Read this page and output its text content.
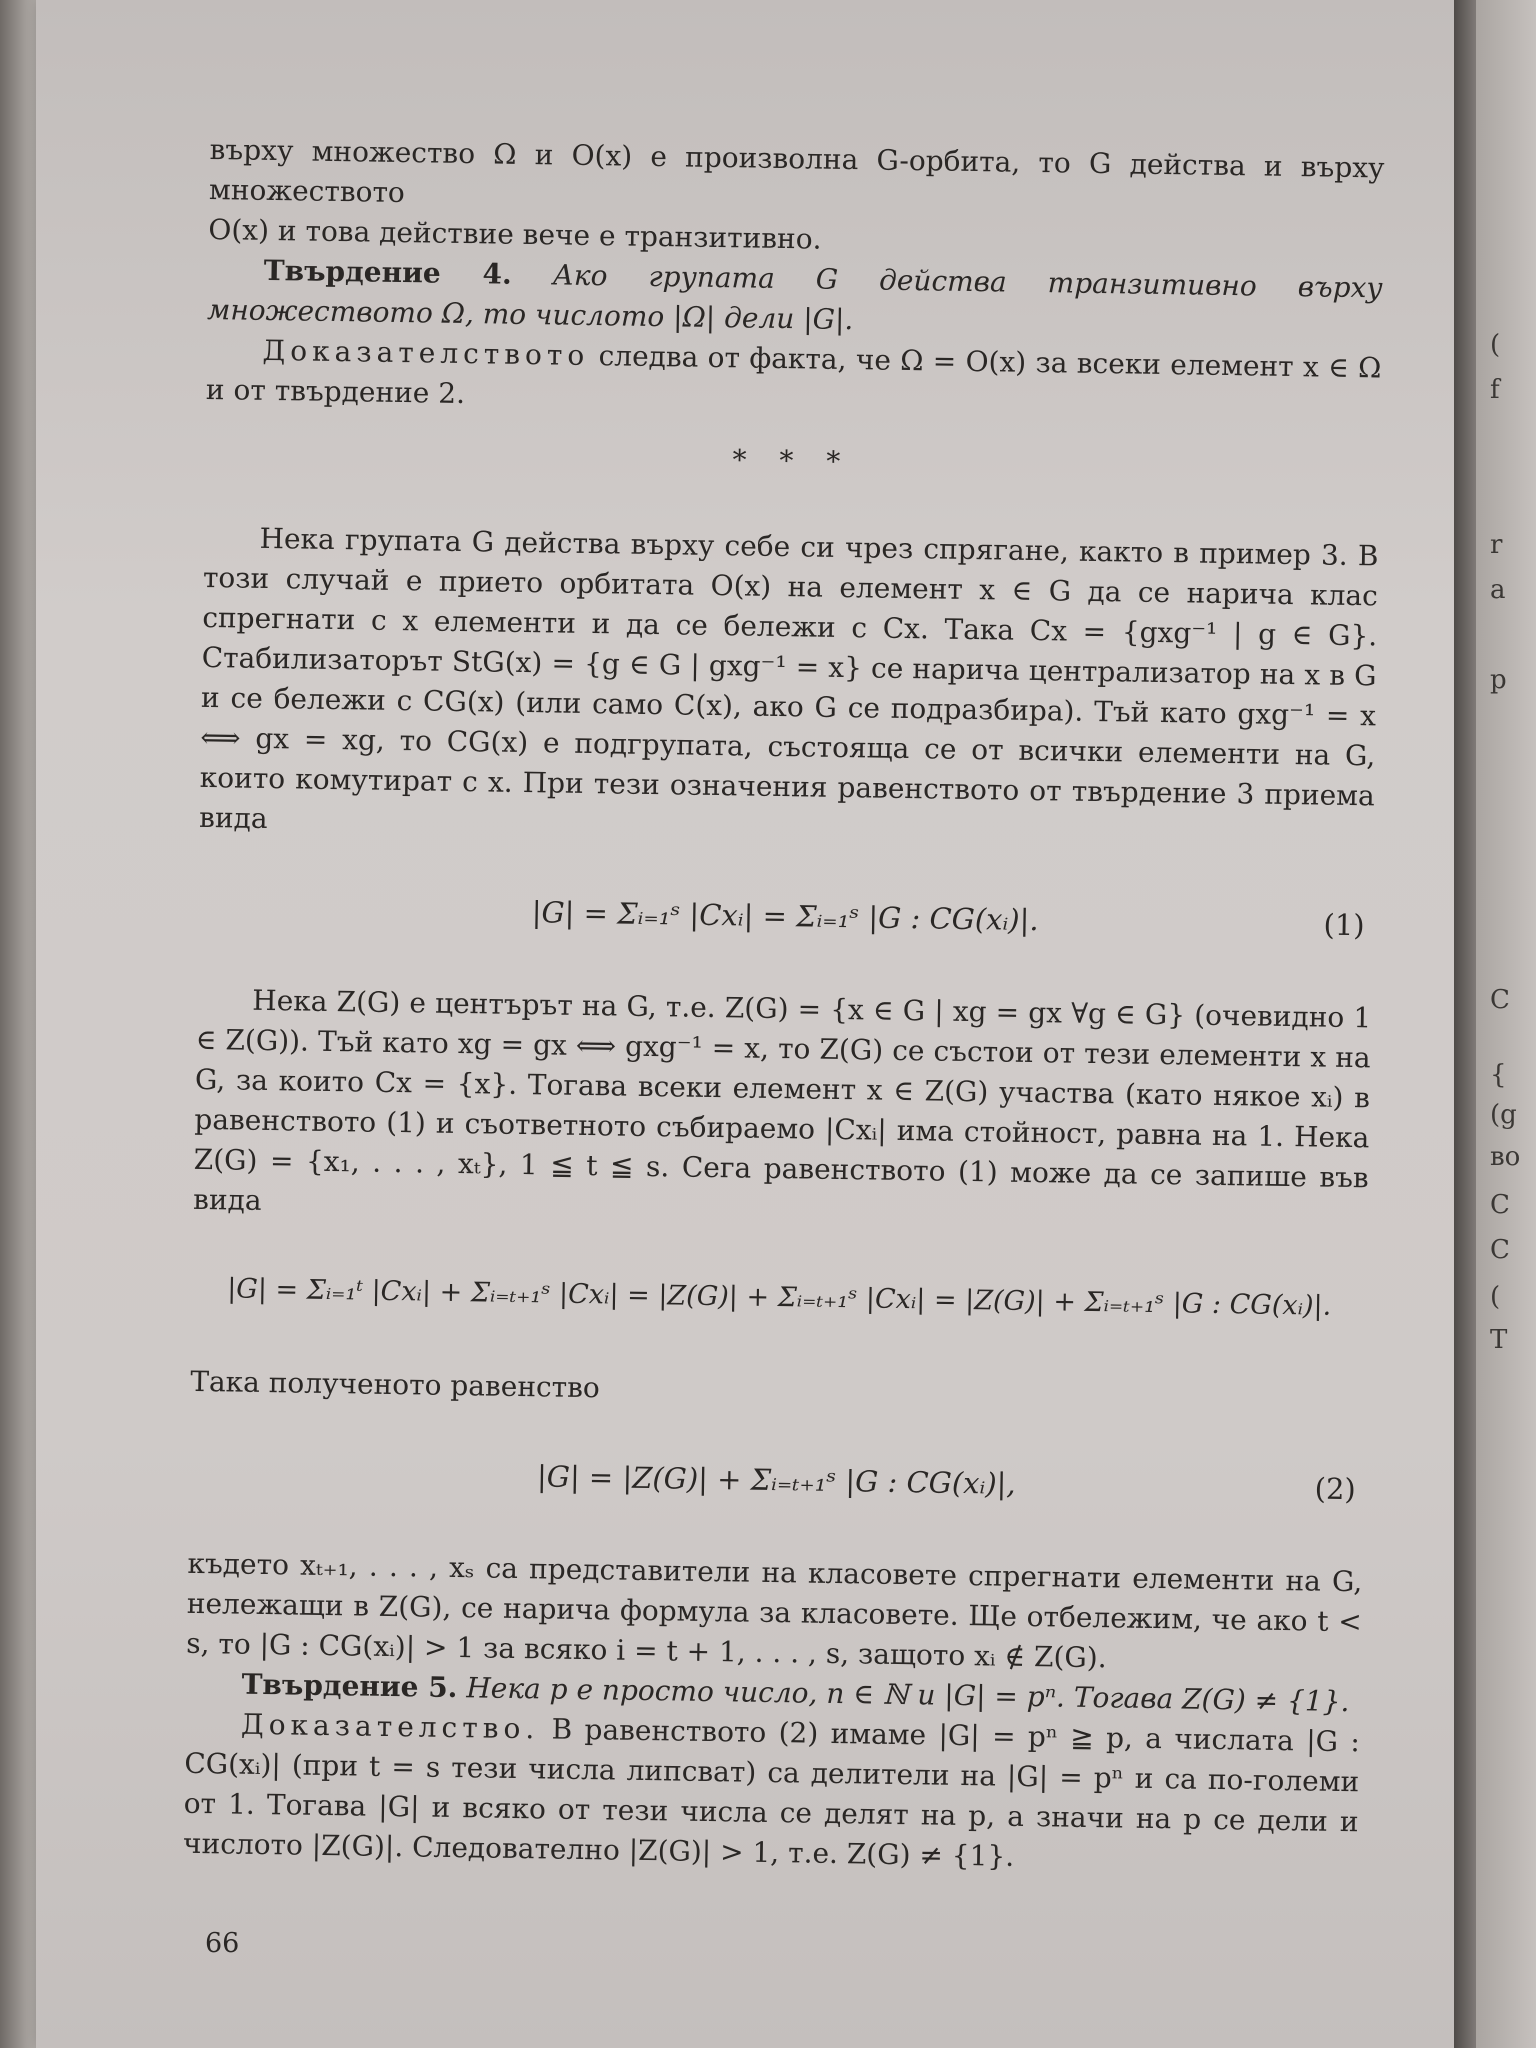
(
f
r
a
p
C
{
(g
во
C
C
(
T

върху множество Ω и O(x) е произволна G-орбита, то G действа и върху множеството
O(x) и това действие вече е транзитивно.

Твърдение 4. Ако групата G действа транзитивно върху множеството Ω, то числото |Ω| дели |G|.

Доказателството следва от факта, че Ω = O(x) за всеки елемент x ∈ Ω и от твърдение 2.

* * *

Нека групата G действа върху себе си чрез спрягане, както в пример 3. В този случай е прието орбитата O(x) на елемент x ∈ G да се нарича клас спрегнати с x елементи и да се бележи с Cx. Така Cx = {gxg⁻¹ | g ∈ G}. Стабилизаторът StG(x) = {g ∈ G | gxg⁻¹ = x} се нарича централизатор на x в G и се бележи с CG(x) (или само C(x), ако G се подразбира). Тъй като gxg⁻¹ = x ⟺ gx = xg, то CG(x) е подгрупата, състояща се от всички елементи на G, които комутират с x. При тези означения равенството от твърдение 3 приема вида

|G| = Σᵢ₌₁ˢ |Cxᵢ| = Σᵢ₌₁ˢ |G : CG(xᵢ)|.	(1)

Нека Z(G) е центърът на G, т.е. Z(G) = {x ∈ G | xg = gx ∀g ∈ G} (очевидно 1 ∈ Z(G)). Тъй като xg = gx ⟺ gxg⁻¹ = x, то Z(G) се състои от тези елементи x на G, за които Cx = {x}. Тогава всеки елемент x ∈ Z(G) участва (като някое xᵢ) в равенството (1) и съответното събираемо |Cxᵢ| има стойност, равна на 1. Нека Z(G) = {x₁, . . . , xₜ}, 1 ≦ t ≦ s. Сега равенството (1) може да се запише във вида

|G| = Σᵢ₌₁ᵗ |Cxᵢ| + Σᵢ₌ₜ₊₁ˢ |Cxᵢ| = |Z(G)| + Σᵢ₌ₜ₊₁ˢ |Cxᵢ| = |Z(G)| + Σᵢ₌ₜ₊₁ˢ |G : CG(xᵢ)|.

Така полученото равенство

|G| = |Z(G)| + Σᵢ₌ₜ₊₁ˢ |G : CG(xᵢ)|,	(2)

където xₜ₊₁, . . . , xₛ са представители на класовете спрегнати елементи на G, нележащи в Z(G), се нарича формула за класовете. Ще отбележим, че ако t < s, то |G : CG(xᵢ)| > 1 за всяко i = t + 1, . . . , s, защото xᵢ ∉ Z(G).

Твърдение 5. Нека p е просто число, n ∈ ℕ и |G| = pⁿ. Тогава Z(G) ≠ {1}.

Доказателство. В равенството (2) имаме |G| = pⁿ ≧ p, а числата |G : CG(xᵢ)| (при t = s тези числа липсват) са делители на |G| = pⁿ и са по-големи от 1. Тогава |G| и всяко от тези числа се делят на p, а значи на p се дели и числото |Z(G)|. Следователно |Z(G)| > 1, т.е. Z(G) ≠ {1}.

66
